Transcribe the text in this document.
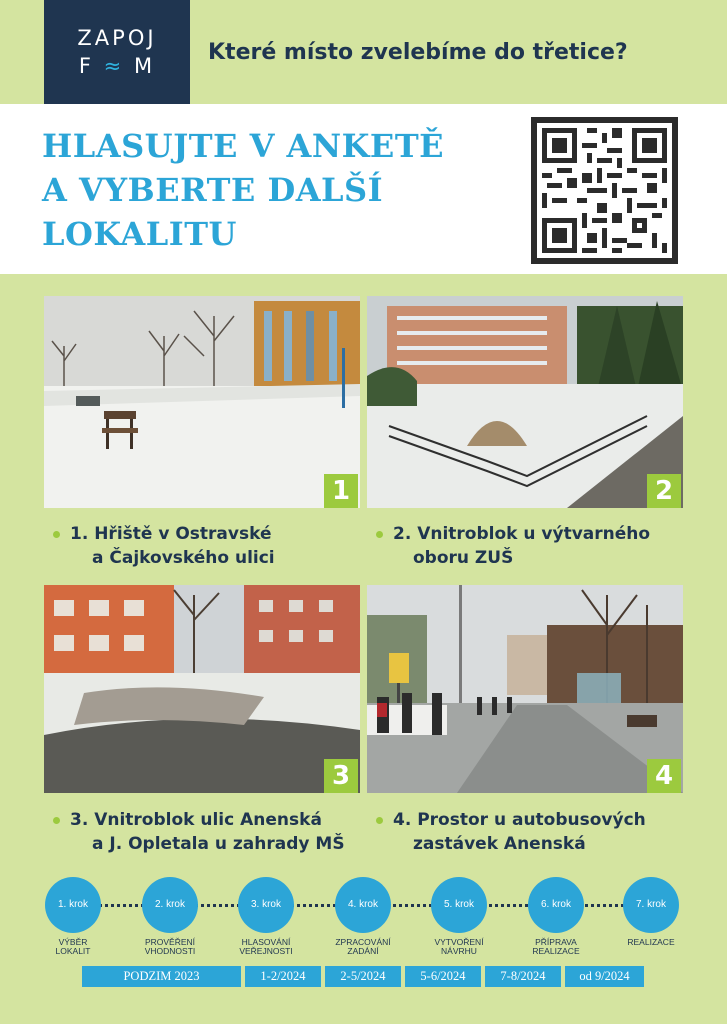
ZAPOJ
F ≈ M
Které místo zvelebíme do třetice?
HLASUJTE V ANKETĚ
A VYBERTE DALŠÍ
LOKALITU
1	2
1. Hřiště v Ostravské
a Čajkovského ulici
2. Vnitroblok u výtvarného
oboru ZUŠ
3	4
3. Vnitroblok ulic Anenská
a J. Opletala u zahrady MŠ
4. Prostor u autobusových
zastávek Anenská
1. krok	2. krok	3. krok	4. krok	5. krok	6. krok	7. krok
VÝBĚR
LOKALIT
PROVĚŘENÍ
VHODNOSTI
HLASOVÁNÍ
VEŘEJNOSTI
ZPRACOVÁNÍ
ZADÁNÍ
VYTVOŘENÍ
NÁVRHU
PŘÍPRAVA
REALIZACE
REALIZACE
PODZIM 2023	1-2/2024	2-5/2024	5-6/2024	7-8/2024	od 9/2024
